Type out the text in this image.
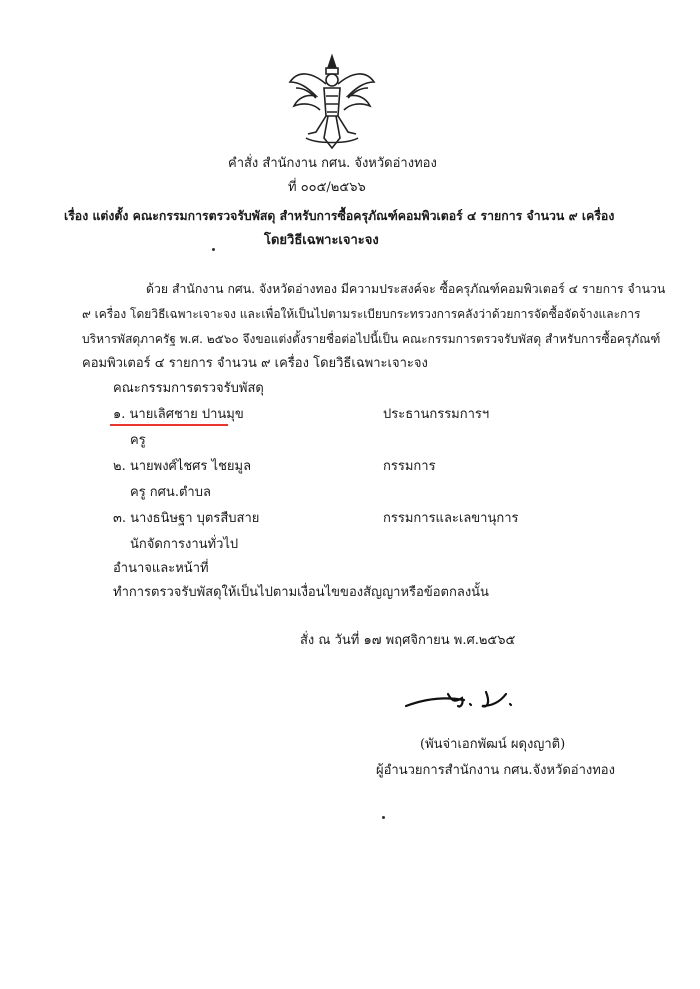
คำสั่ง สำนักงาน กศน. จังหวัดอ่างทอง
ที่ ๐๐๕/๒๕๖๖
เรื่อง แต่งตั้ง คณะกรรมการตรวจรับพัสดุ สำหรับการซื้อครุภัณฑ์คอมพิวเตอร์ ๔ รายการ จำนวน ๙ เครื่อง
โดยวิธีเฉพาะเจาะจง
ด้วย สำนักงาน กศน. จังหวัดอ่างทอง มีความประสงค์จะ ซื้อครุภัณฑ์คอมพิวเตอร์ ๔ รายการ จำนวน
๙ เครื่อง โดยวิธีเฉพาะเจาะจง และเพื่อให้เป็นไปตามระเบียบกระทรวงการคลังว่าด้วยการจัดซื้อจัดจ้างและการ
บริหารพัสดุภาครัฐ พ.ศ. ๒๕๖๐ จึงขอแต่งตั้งรายชื่อต่อไปนี้เป็น คณะกรรมการตรวจรับพัสดุ สำหรับการซื้อครุภัณฑ์
คอมพิวเตอร์ ๔ รายการ จำนวน ๙ เครื่อง โดยวิธีเฉพาะเจาะจง
คณะกรรมการตรวจรับพัสดุ
๑. นายเลิศชาย ปานมุข	ประธานกรรมการฯ
ครู
๒. นายพงศ์ไชศร ไชยมูล	กรรมการ
ครู กศน.ตำบล
๓. นางธนิษฐา บุตรสืบสาย	กรรมการและเลขานุการ
นักจัดการงานทั่วไป
อำนาจและหน้าที่
ทำการตรวจรับพัสดุให้เป็นไปตามเงื่อนไขของสัญญาหรือข้อตกลงนั้น
สั่ง ณ วันที่ ๑๗ พฤศจิกายน พ.ศ.๒๕๖๕
(พันจ่าเอกพัฒน์ ผดุงญาติ)
ผู้อำนวยการสำนักงาน กศน.จังหวัดอ่างทอง
